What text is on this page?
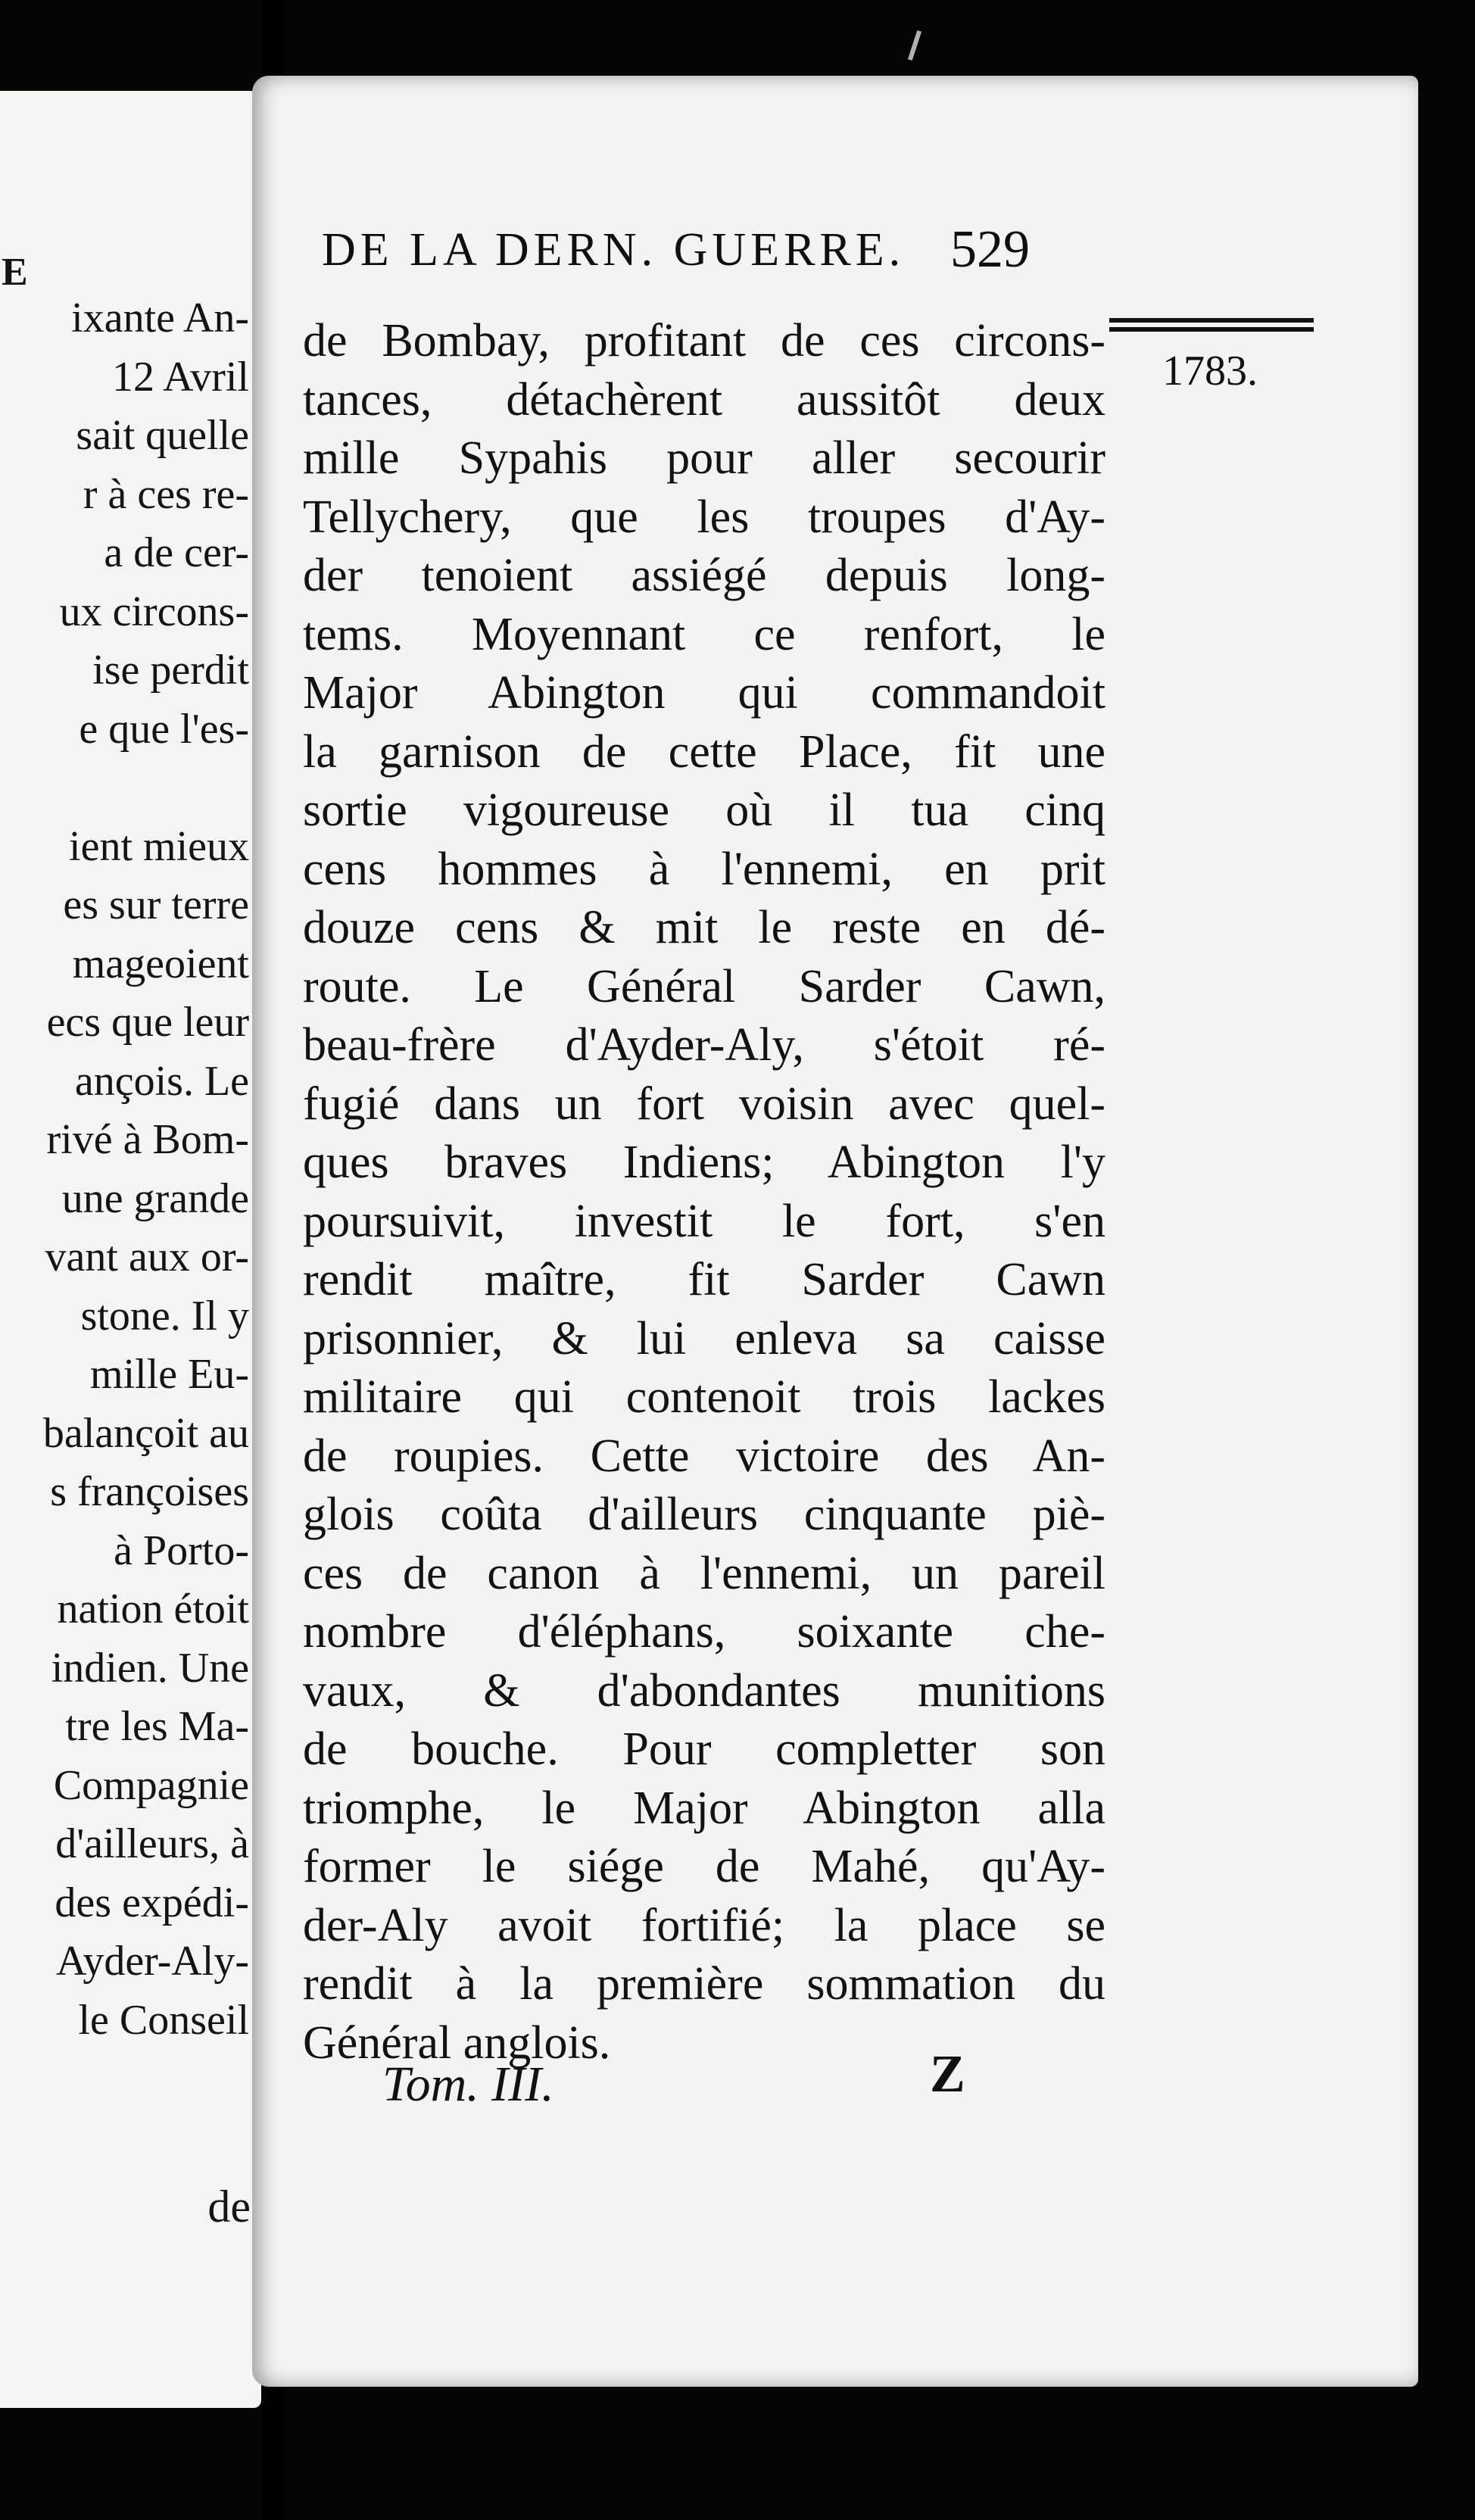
E
ixante An-
12 Avril
sait quelle
r à ces re-
a de cer-
ux circons-
ise perdit
e que l'es-
ient mieux
es sur terre
mageoient
ecs que leur
ançois. Le
rivé à Bom-
une grande
vant aux or-
stone. Il y
mille Eu-
balançoit au
s françoises
à Porto-
nation étoit
indien. Une
tre les Ma-
Compagnie
d'ailleurs, à
des expédi-
Ayder-Aly-
le Conseil
de
DE LA DERN. GUERRE. 529
1783.
de Bombay, profitant de ces circons-
tances, détachèrent aussitôt deux
mille Sypahis pour aller secourir
Tellychery, que les troupes d'Ay-
der tenoient assiégé depuis long-
tems. Moyennant ce renfort, le
Major Abington qui commandoit
la garnison de cette Place, fit une
sortie vigoureuse où il tua cinq
cens hommes à l'ennemi, en prit
douze cens & mit le reste en dé-
route. Le Général Sarder Cawn,
beau-frère d'Ayder-Aly, s'étoit ré-
fugié dans un fort voisin avec quel-
ques braves Indiens; Abington l'y
poursuivit, investit le fort, s'en
rendit maître, fit Sarder Cawn
prisonnier, & lui enleva sa caisse
militaire qui contenoit trois lackes
de roupies. Cette victoire des An-
glois coûta d'ailleurs cinquante piè-
ces de canon à l'ennemi, un pareil
nombre d'éléphans, soixante che-
vaux, & d'abondantes munitions
de bouche. Pour completter son
triomphe, le Major Abington alla
former le siége de Mahé, qu'Ay-
der-Aly avoit fortifié; la place se
rendit à la première sommation du
Général anglois.
Tom. III.	Z
